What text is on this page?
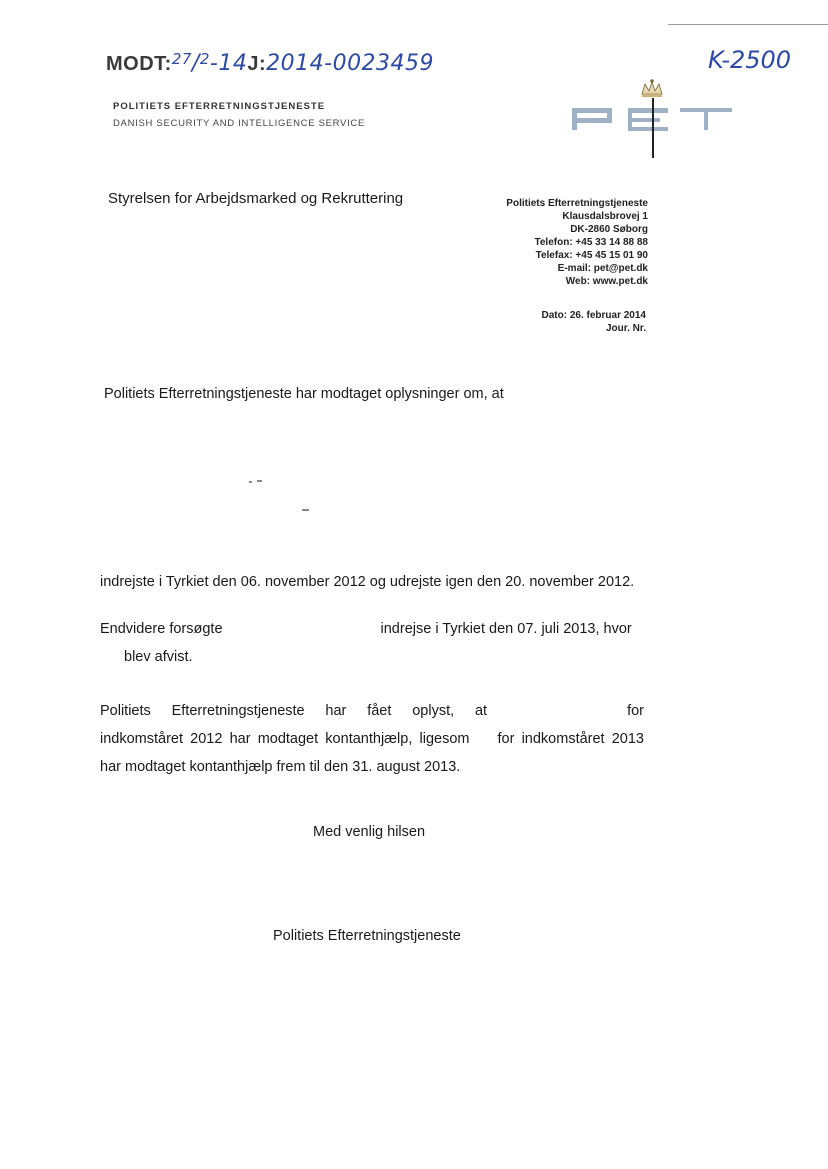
MODT:$^{27}$/$^2$-14J:2014-0023459	K-2500
POLITIETS EFTERRETNINGSTJENESTE
DANISH SECURITY AND INTELLIGENCE SERVICE
Styrelsen for Arbejdsmarked og Rekruttering	Politiets Efterretningstjeneste
Klausdalsbrovej 1
DK-2860 Søborg
Telefon: +45 33 14 88 88
Telefax: +45 45 15 01 90
E-mail: pet@pet.dk
Web: www.pet.dk
Dato: 26. februar 2014
Jour. Nr.
Politiets Efterretningstjeneste har modtaget oplysninger om, at
indrejste i Tyrkiet den 06. november 2012 og udrejste igen den 20. november 2012.
Endvidere forsøgte	indrejse i Tyrkiet den 07. juli 2013, hvor
blev afvist.
Politiets Efterretningstjeneste har fået oplyst, at	for indkomståret 2012 har modtaget kontanthjælp, ligesom for indkomståret 2013 har modtaget kontanthjælp frem til den 31. august 2013.
Med venlig hilsen
Politiets Efterretningstjeneste
